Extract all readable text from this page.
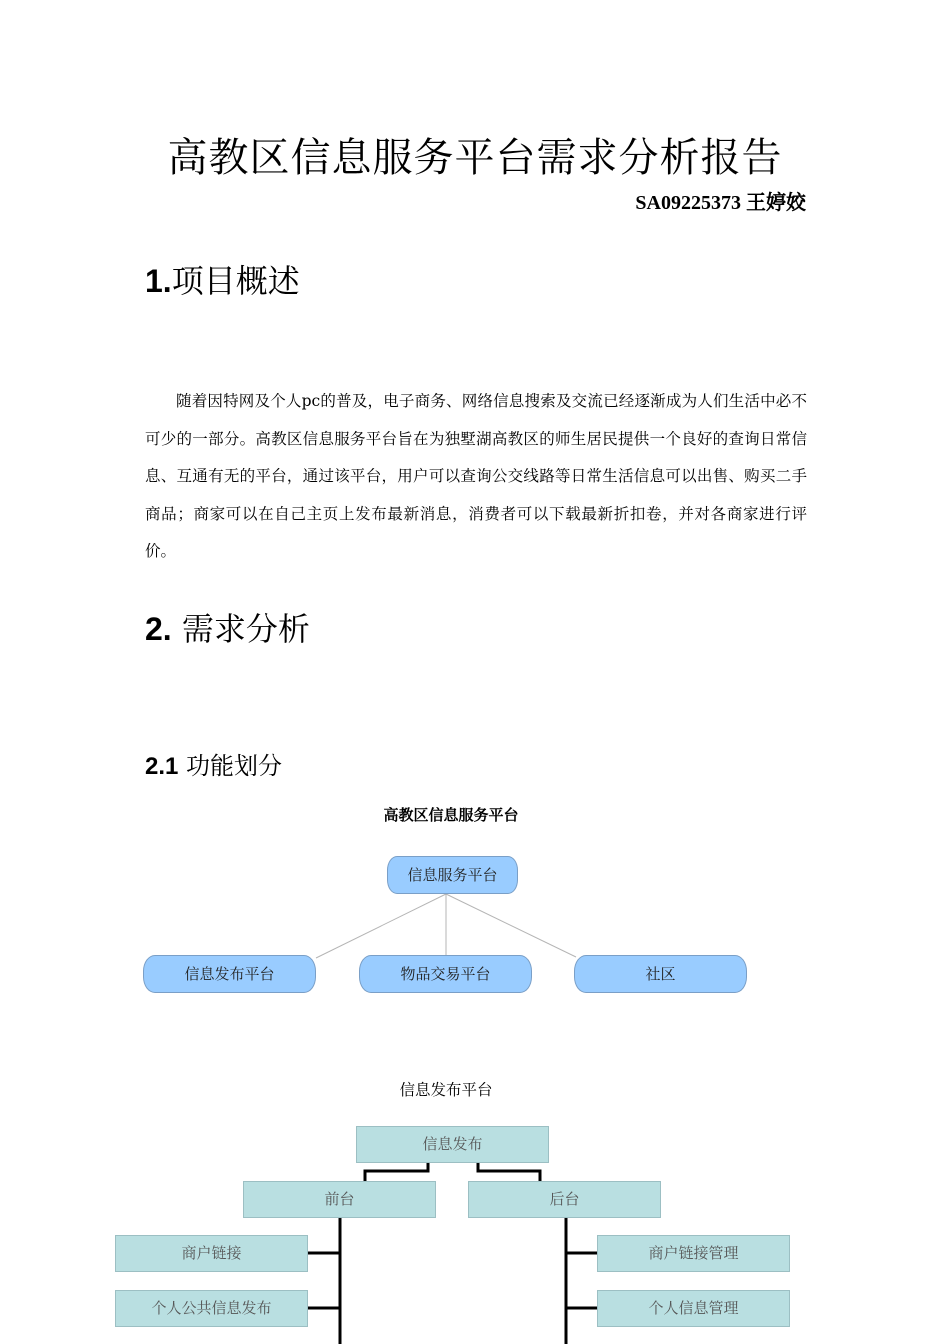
高教区信息服务平台需求分析报告
SA09225373 王婷姣
1.项目概述

随着因特网及个人pc的普及，电子商务、网络信息搜索及交流已经逐渐成为人们生活中必不可少的一部分。高教区信息服务平台旨在为独墅湖高教区的师生居民提供一个良好的查询日常信息、互通有无的平台，通过该平台，用户可以查询公交线路等日常生活信息可以出售、购买二手商品；商家可以在自己主页上发布最新消息，消费者可以下载最新折扣卷，并对各商家进行评价。

2. 需求分析
2.1 功能划分
高教区信息服务平台
信息服务平台
信息发布平台	物品交易平台	社区
信息发布平台
信息发布
前台	后台
商户链接
个人公共信息发布
商户链接管理
个人信息管理
